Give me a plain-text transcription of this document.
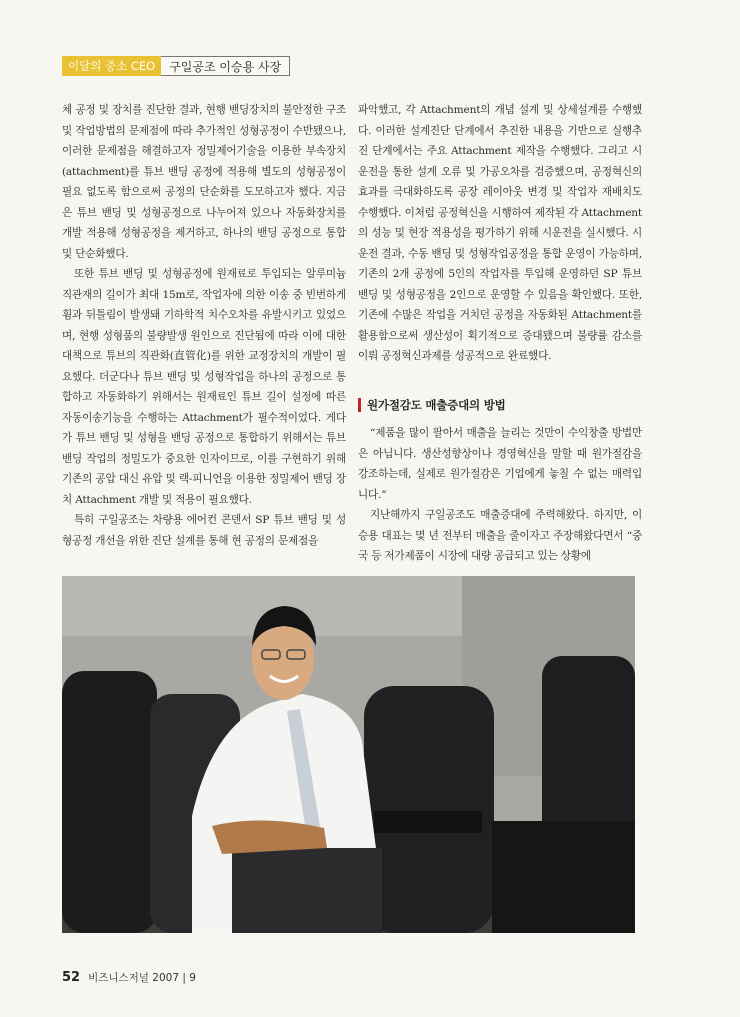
이달의 중소 CEO	구일공조 이승용 사장

체 공정 및 장치를 진단한 결과, 현행 밴딩장치의 불안정한 구조 및 작업방법의 문제점에 따라 추가적인 성형공정이 수반됐으나, 이러한 문제점을 해결하고자 정밀제어기술을 이용한 부속장치(attachment)를 튜브 밴딩 공정에 적용해 별도의 성형공정이 필요 없도록 함으로써 공정의 단순화를 도모하고자 했다. 지금은 튜브 밴딩 및 성형공정으로 나누어져 있으나 자동화장치를 개발 적용해 성형공정을 제거하고, 하나의 밴딩 공정으로 통합 및 단순화했다.

또한 튜브 밴딩 및 성형공정에 원재료로 투입되는 알루미늄 직관재의 길이가 최대 15m로, 작업자에 의한 이송 중 빈번하게 휨과 뒤틀림이 발생돼 기하학적 치수오차를 유발시키고 있었으며, 현행 성형품의 불량발생 원인으로 진단됨에 따라 이에 대한 대책으로 튜브의 직관화(直管化)를 위한 교정장치의 개발이 필요했다. 더군다나 튜브 밴딩 및 성형작업을 하나의 공정으로 통합하고 자동화하기 위해서는 원재료인 튜브 길이 설정에 따른 자동이송기능을 수행하는 Attachment가 필수적이었다. 게다가 튜브 밴딩 및 성형을 밴딩 공정으로 통합하기 위해서는 튜브 밴딩 작업의 정밀도가 중요한 인자이므로, 이를 구현하기 위해 기존의 공압 대신 유압 및 랙-피니언을 이용한 정밀제어 밴딩 장치 Attachment 개발 및 적용이 필요했다.

특히 구일공조는 차량용 에어컨 콘덴서 SP 튜브 밴딩 및 성형공정 개선을 위한 진단 설계를 통해 현 공정의 문제점을

파악했고, 각 Attachment의 개념 설계 및 상세설계를 수행했다. 이러한 설계진단 단계에서 추진한 내용을 기반으로 실행추진 단계에서는 주요 Attachment 제작을 수행했다. 그리고 시운전을 통한 설계 오류 및 가공오차를 검증했으며, 공정혁신의 효과를 극대화하도록 공장 레이아웃 변경 및 작업자 재배치도 수행했다. 이처럼 공정혁신을 시행하여 제작된 각 Attachment의 성능 및 현장 적용성을 평가하기 위해 시운전을 실시했다. 시운전 결과, 수동 밴딩 및 성형작업공정을 통합 운영이 가능하며, 기존의 2개 공정에 5인의 작업자를 투입해 운영하던 SP 튜브 밴딩 및 성형공정을 2인으로 운영할 수 있음을 확인했다. 또한, 기존에 수많은 작업을 거치던 공정을 자동화된 Attachment를 활용함으로써 생산성이 획기적으로 증대됐으며 불량률 감소를 이뤄 공정혁신과제를 성공적으로 완료했다.

원가절감도 매출증대의 방법

“제품을 많이 팔아서 매출을 늘리는 것만이 수익창출 방법만은 아닙니다. 생산성향상이나 경영혁신을 말할 때 원가절감을 강조하는데, 실제로 원가절감은 기업에게 놓칠 수 없는 매력입니다.”

지난해까지 구일공조도 매출증대에 주력해왔다. 하지만, 이승용 대표는 몇 년 전부터 매출을 줄이자고 주장해왔다면서 “중국 등 저가제품이 시장에 대량 공급되고 있는 상황에

52 비즈니스저널 2007 | 9
